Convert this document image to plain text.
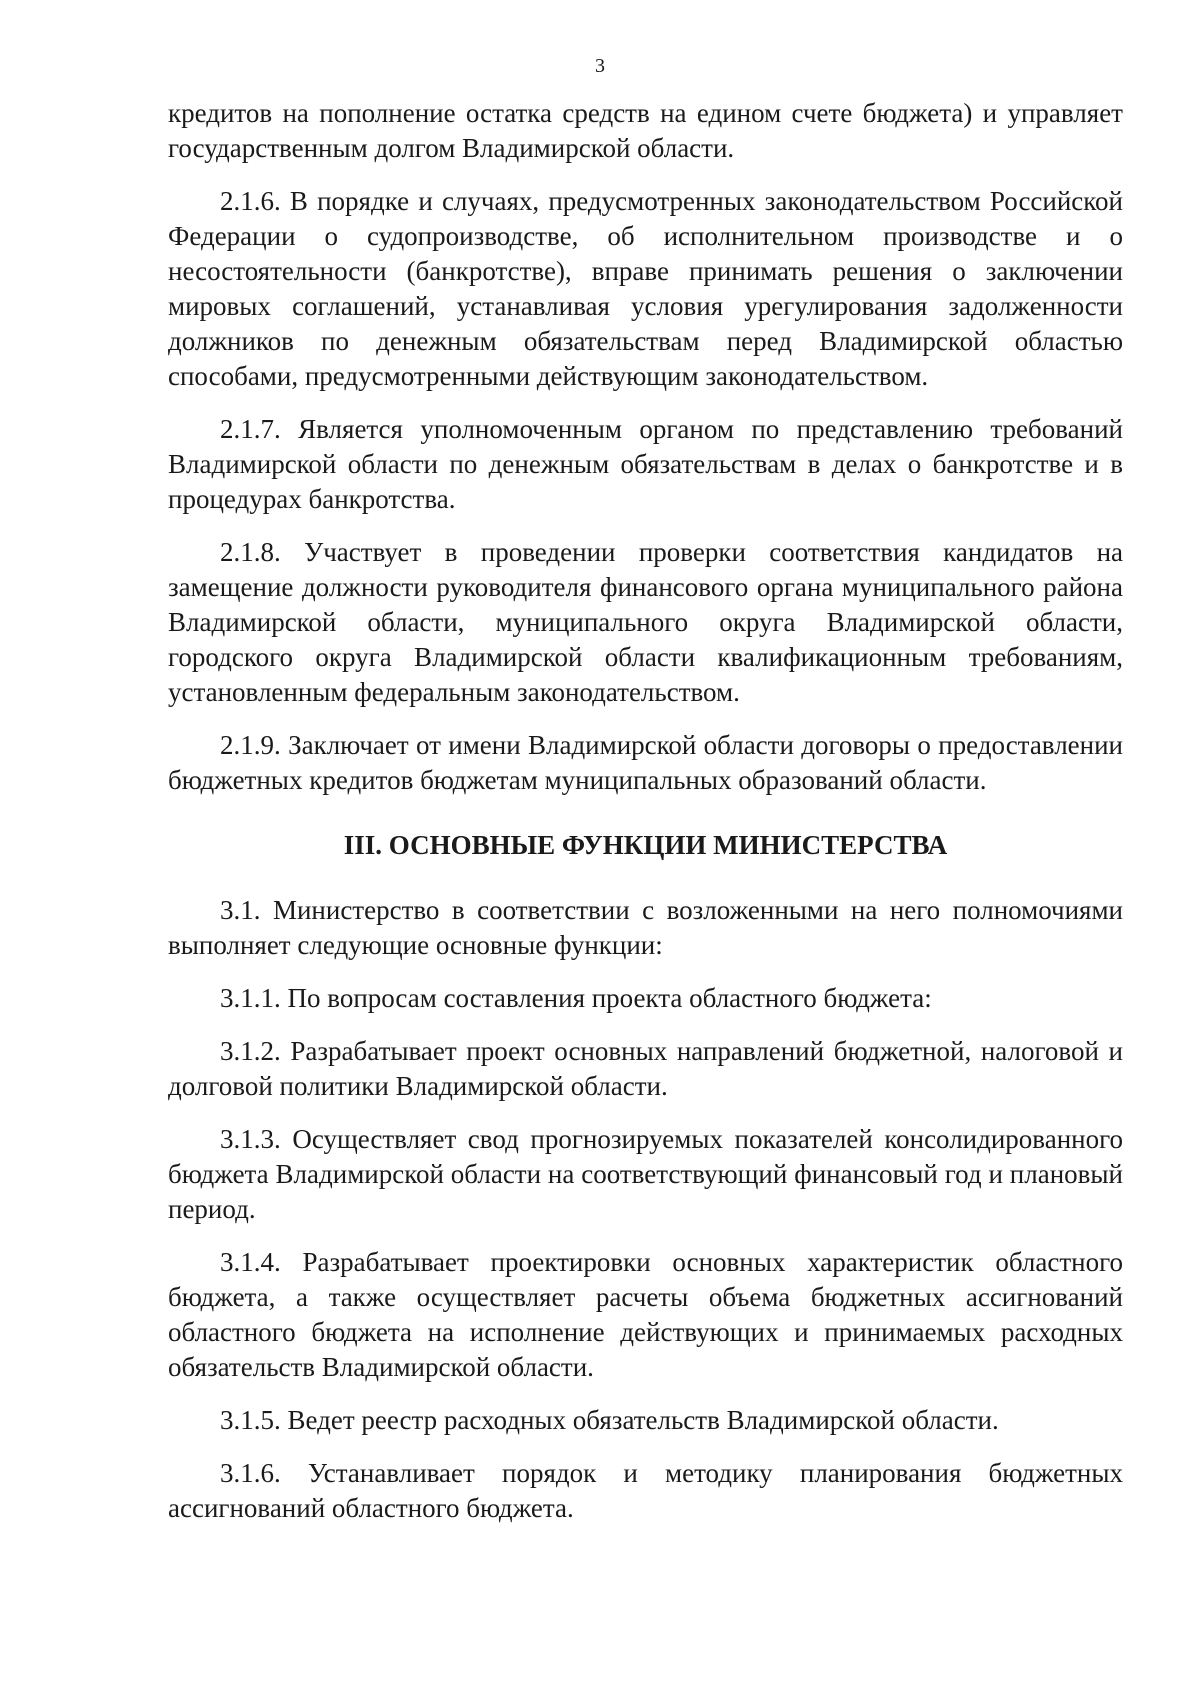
3

кредитов на пополнение остатка средств на едином счете бюджета) и управляет государственным долгом Владимирской области.

2.1.6. В порядке и случаях, предусмотренных законодательством Российской Федерации о судопроизводстве, об исполнительном производстве и о несостоятельности (банкротстве), вправе принимать решения о заключении мировых соглашений, устанавливая условия урегулирования задолженности должников по денежным обязательствам перед Владимирской областью способами, предусмотренными действующим законодательством.

2.1.7. Является уполномоченным органом по представлению требований Владимирской области по денежным обязательствам в делах о банкротстве и в процедурах банкротства.

2.1.8. Участвует в проведении проверки соответствия кандидатов на замещение должности руководителя финансового органа муниципального района Владимирской области, муниципального округа Владимирской области, городского округа Владимирской области квалификационным требованиям, установленным федеральным законодательством.

2.1.9. Заключает от имени Владимирской области договоры о предоставлении бюджетных кредитов бюджетам муниципальных образований области.

III. ОСНОВНЫЕ ФУНКЦИИ МИНИСТЕРСТВА

3.1. Министерство в соответствии с возложенными на него полномочиями выполняет следующие основные функции:

3.1.1. По вопросам составления проекта областного бюджета:

3.1.2. Разрабатывает проект основных направлений бюджетной, налоговой и долговой политики Владимирской области.

3.1.3. Осуществляет свод прогнозируемых показателей консолидированного бюджета Владимирской области на соответствующий финансовый год и плановый период.

3.1.4. Разрабатывает проектировки основных характеристик областного бюджета, а также осуществляет расчеты объема бюджетных ассигнований областного бюджета на исполнение действующих и принимаемых расходных обязательств Владимирской области.

3.1.5. Ведет реестр расходных обязательств Владимирской области.

3.1.6. Устанавливает порядок и методику планирования бюджетных ассигнований областного бюджета.
